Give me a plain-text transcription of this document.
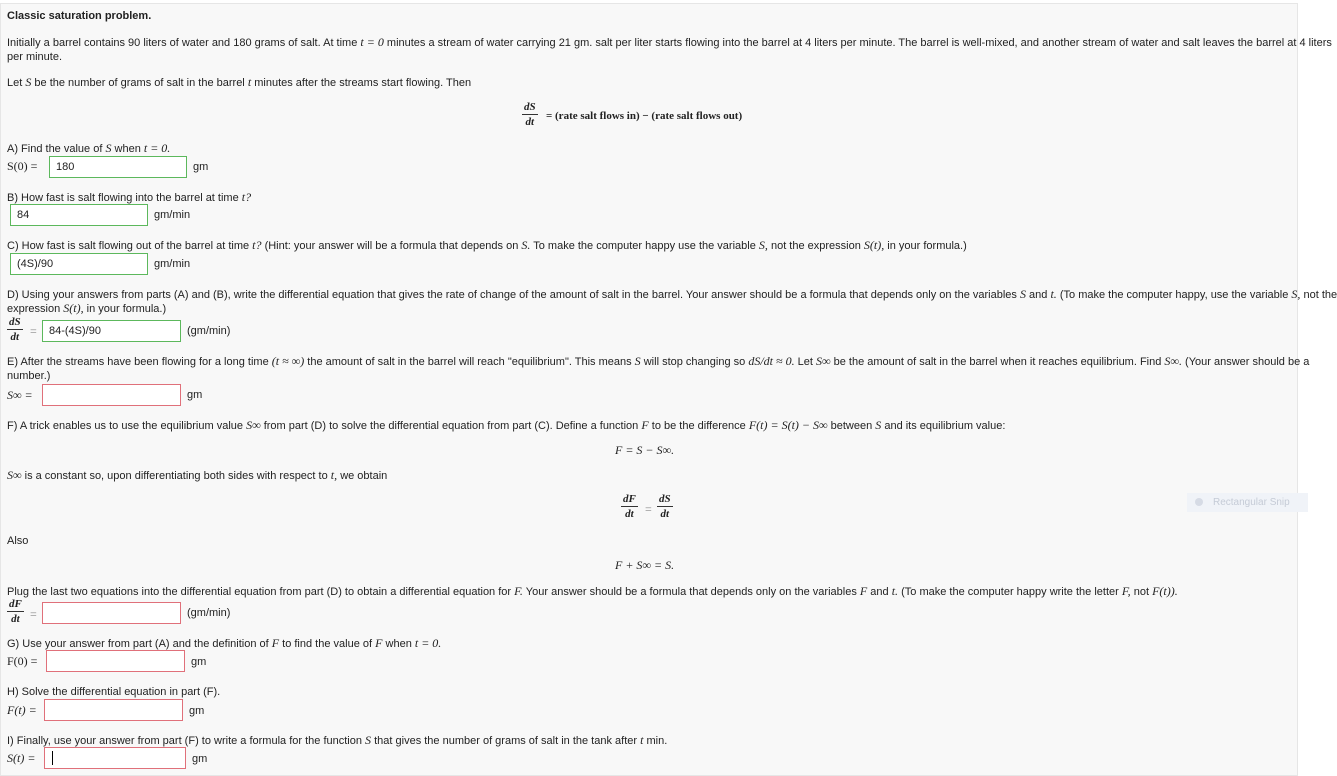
Classic saturation problem.
Initially a barrel contains 90 liters of water and 180 grams of salt. At time t = 0 minutes a stream of water carrying 21 gm. salt per liter starts flowing into the barrel at 4 liters per minute. The barrel is well-mixed, and another stream of water and salt leaves the barrel at 4 liters
per minute.
Let S be the number of grams of salt in the barrel t minutes after the streams start flowing. Then
$\frac{dS}{dt}$ = (rate salt flows in) − (rate salt flows out)
A) Find the value of S when t = 0.
S(0) =
180	gm
B) How fast is salt flowing into the barrel at time t?
84
gm/min
C) How fast is salt flowing out of the barrel at time t? (Hint: your answer will be a formula that depends on S. To make the computer happy use the variable S, not the expression S(t), in your formula.)
(4S)/90
gm/min
D) Using your answers from parts (A) and (B), write the differential equation that gives the rate of change of the amount of salt in the barrel. Your answer should be a formula that depends only on the variables S and t. (To make the computer happy, use the variable S, not the
expression S(t), in your formula.)
$\frac{dS}{dt}$ =
84-(4S)/90	(gm/min)
E) After the streams have been flowing for a long time (t ≈ ∞) the amount of salt in the barrel will reach "equilibrium". This means S will stop changing so dS/dt ≈ 0. Let S∞ be the amount of salt in the barrel when it reaches equilibrium. Find S∞. (Your answer should be a
number.)
S∞ =	gm
F) A trick enables us to use the equilibrium value S∞ from part (D) to solve the differential equation from part (C). Define a function F to be the difference F(t) = S(t) − S∞ between S and its equilibrium value:
F = S − S∞.
S∞ is a constant so, upon differentiating both sides with respect to t, we obtain
$\frac{dF}{dt} = \frac{dS}{dt}$
Also
F + S∞ = S.
Plug the last two equations into the differential equation from part (D) to obtain a differential equation for F. Your answer should be a formula that depends only on the variables F and t. (To make the computer happy write the letter F, not F(t)).
$\frac{dF}{dt}$ =	(gm/min)
G) Use your answer from part (A) and the definition of F to find the value of F when t = 0.
F(0) =	gm
H) Solve the differential equation in part (F).
F(t) =	gm
I) Finally, use your answer from part (F) to write a formula for the function S that gives the number of grams of salt in the tank after t min.
S(t) =	gm
Rectangular Snip
